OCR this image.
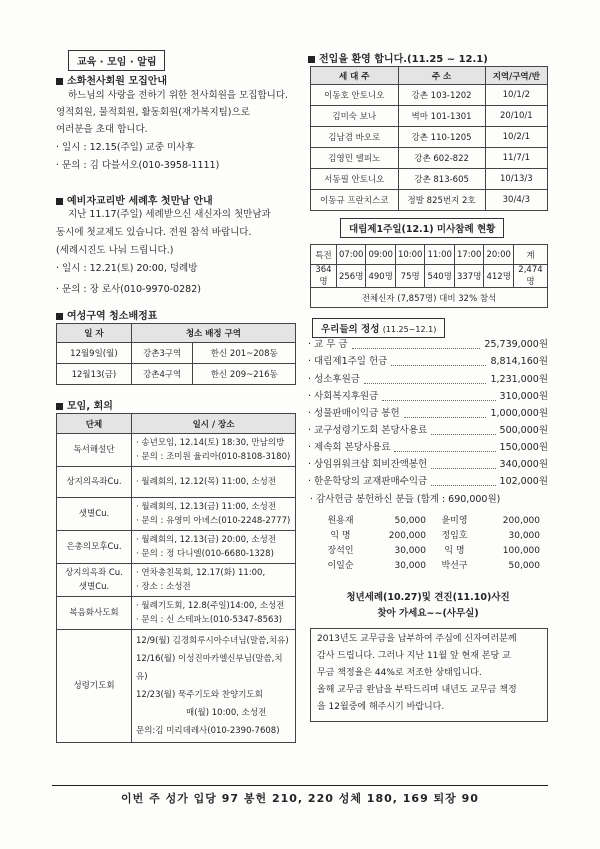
교육 · 모임 · 알림
소화천사회원 모집안내
하느님의 사랑을 전하기 위한 천사회원을 모집합니다.
영적회원, 물적회원, 활동회원(재가복지팀)으로
여러분을 초대 합니다.
· 일시 : 12.15(주일) 교중 미사후
· 문의 : 김 다블서오(010-3958-1111)
예비자교리반 세례후 첫만남 안내
지난 11.17(주일) 세례받으신 새신자의 첫만남과
동시에 첫교제도 있습니다. 전원 참석 바랍니다.
(세례시진도 나눠 드립니다.)
· 일시 : 12.21(토) 20:00, 덩례방
· 문의 : 장 로사(010-9970-0282)
여성구역 청소배정표
일 자	청소 배정 구역	
12월9일(월)	강촌3구역	한신 201~208동
12월13(금)	강촌4구역	한신 209~216동
모임, 회의
단체	일시 / 장소
독서해설단	· 송년모임, 12.14(토) 18:30, 만남의방
· 문의 : 조미원 율리아(010-8108-3180)

상지의옥좌Cu.	· 월례회의, 12.12(목) 11:00, 소성전

샛별Cu.	· 월례회의, 12.13(금) 11:00, 소성전
· 문의 : 유영미 아녜스(010-2248-2777)

은총의모후Cu.	· 월례회의, 12.13(금) 20:00, 소성전
· 문의 : 정 다니엘(010-6680-1328)

상지의옥좌 Cu. 샛별Cu.	· 연차총친목회, 12.17(화) 11:00,
· 장소 : 소성전

복음화사도회	· 월례기도회, 12.8(주일)14:00, 소성전
· 문의 : 신 스테파노(010-5347-8563)

성령기도회	12/9(월) 김경희루시아수녀님(말씀,치유)
12/16(월) 이성진마카엘신부님(말씀,치유)
12/23(월) 묵주기도와 찬양기도회
매(월) 10:00, 소성전
문의:김 미리데레사(010-2390-7608)
전입을 환영 합니다.(11.25 ~ 12.1)
세 대 주	주 소	지역/구역/반
이동호 안토니오	강촌 103-1202	10/1/2
김미숙 보나	벽마 101-1301	20/10/1
김남겸 바오로	강촌 110-1205	10/2/1
김영민 델피노	강촌 602-822	11/7/1
서동필 안토니오	강촌 813-605	10/13/3
이동규 프란치스코	정발 825번지 2호	30/4/3
대림제1주일(12.1) 미사참례 현황
특전	07:00	09:00	10:00	11:00	17:00	20:00	계
364명	256명	490명	75명	540명	337명	412명	2,474명
전체신자 (7,857명) 대비 32% 참석							
우리들의 정성 (11.25~12.1)
· 교 무 금	25,739,000원
· 대림제1주일 헌금	8,814,160원
· 성소후원금	1,231,000원
· 사회복지후원금	310,000원
· 성물판매이익금 봉헌	1,000,000원
· 교구성령기도회 본당사용료	500,000원
· 제속회 본당사용료	150,000원
· 상임위워크샵 회비잔액봉헌	340,000원
· 한운학당의 교재판매수익금	102,000원
· 감사헌금 봉헌하신 분들 (합계 : 690,000원)
원용재	50,000	윤미영	200,000
익 명	200,000	정임호	30,000
장석인	30,000	익 명	100,000
이일순	30,000	박선구	50,000
청년세례(10.27)및 견진(11.10)사진
찾아 가세요~~(사무실)
2013년도 교무금을 납부하여 주심에 신자여러분께
감사 드립니다. 그러나 지난 11월 앞 현재 본당 교
무금 책정율은 44%로 저조한 상태입니다.
올해 교무금 완납을 부탁드리며 내년도 교무금 책정
을 12월중에 해주시기 바랍니다.
이번 주 성가 입당 97 봉헌 210, 220 성체 180, 169 퇴장 90
